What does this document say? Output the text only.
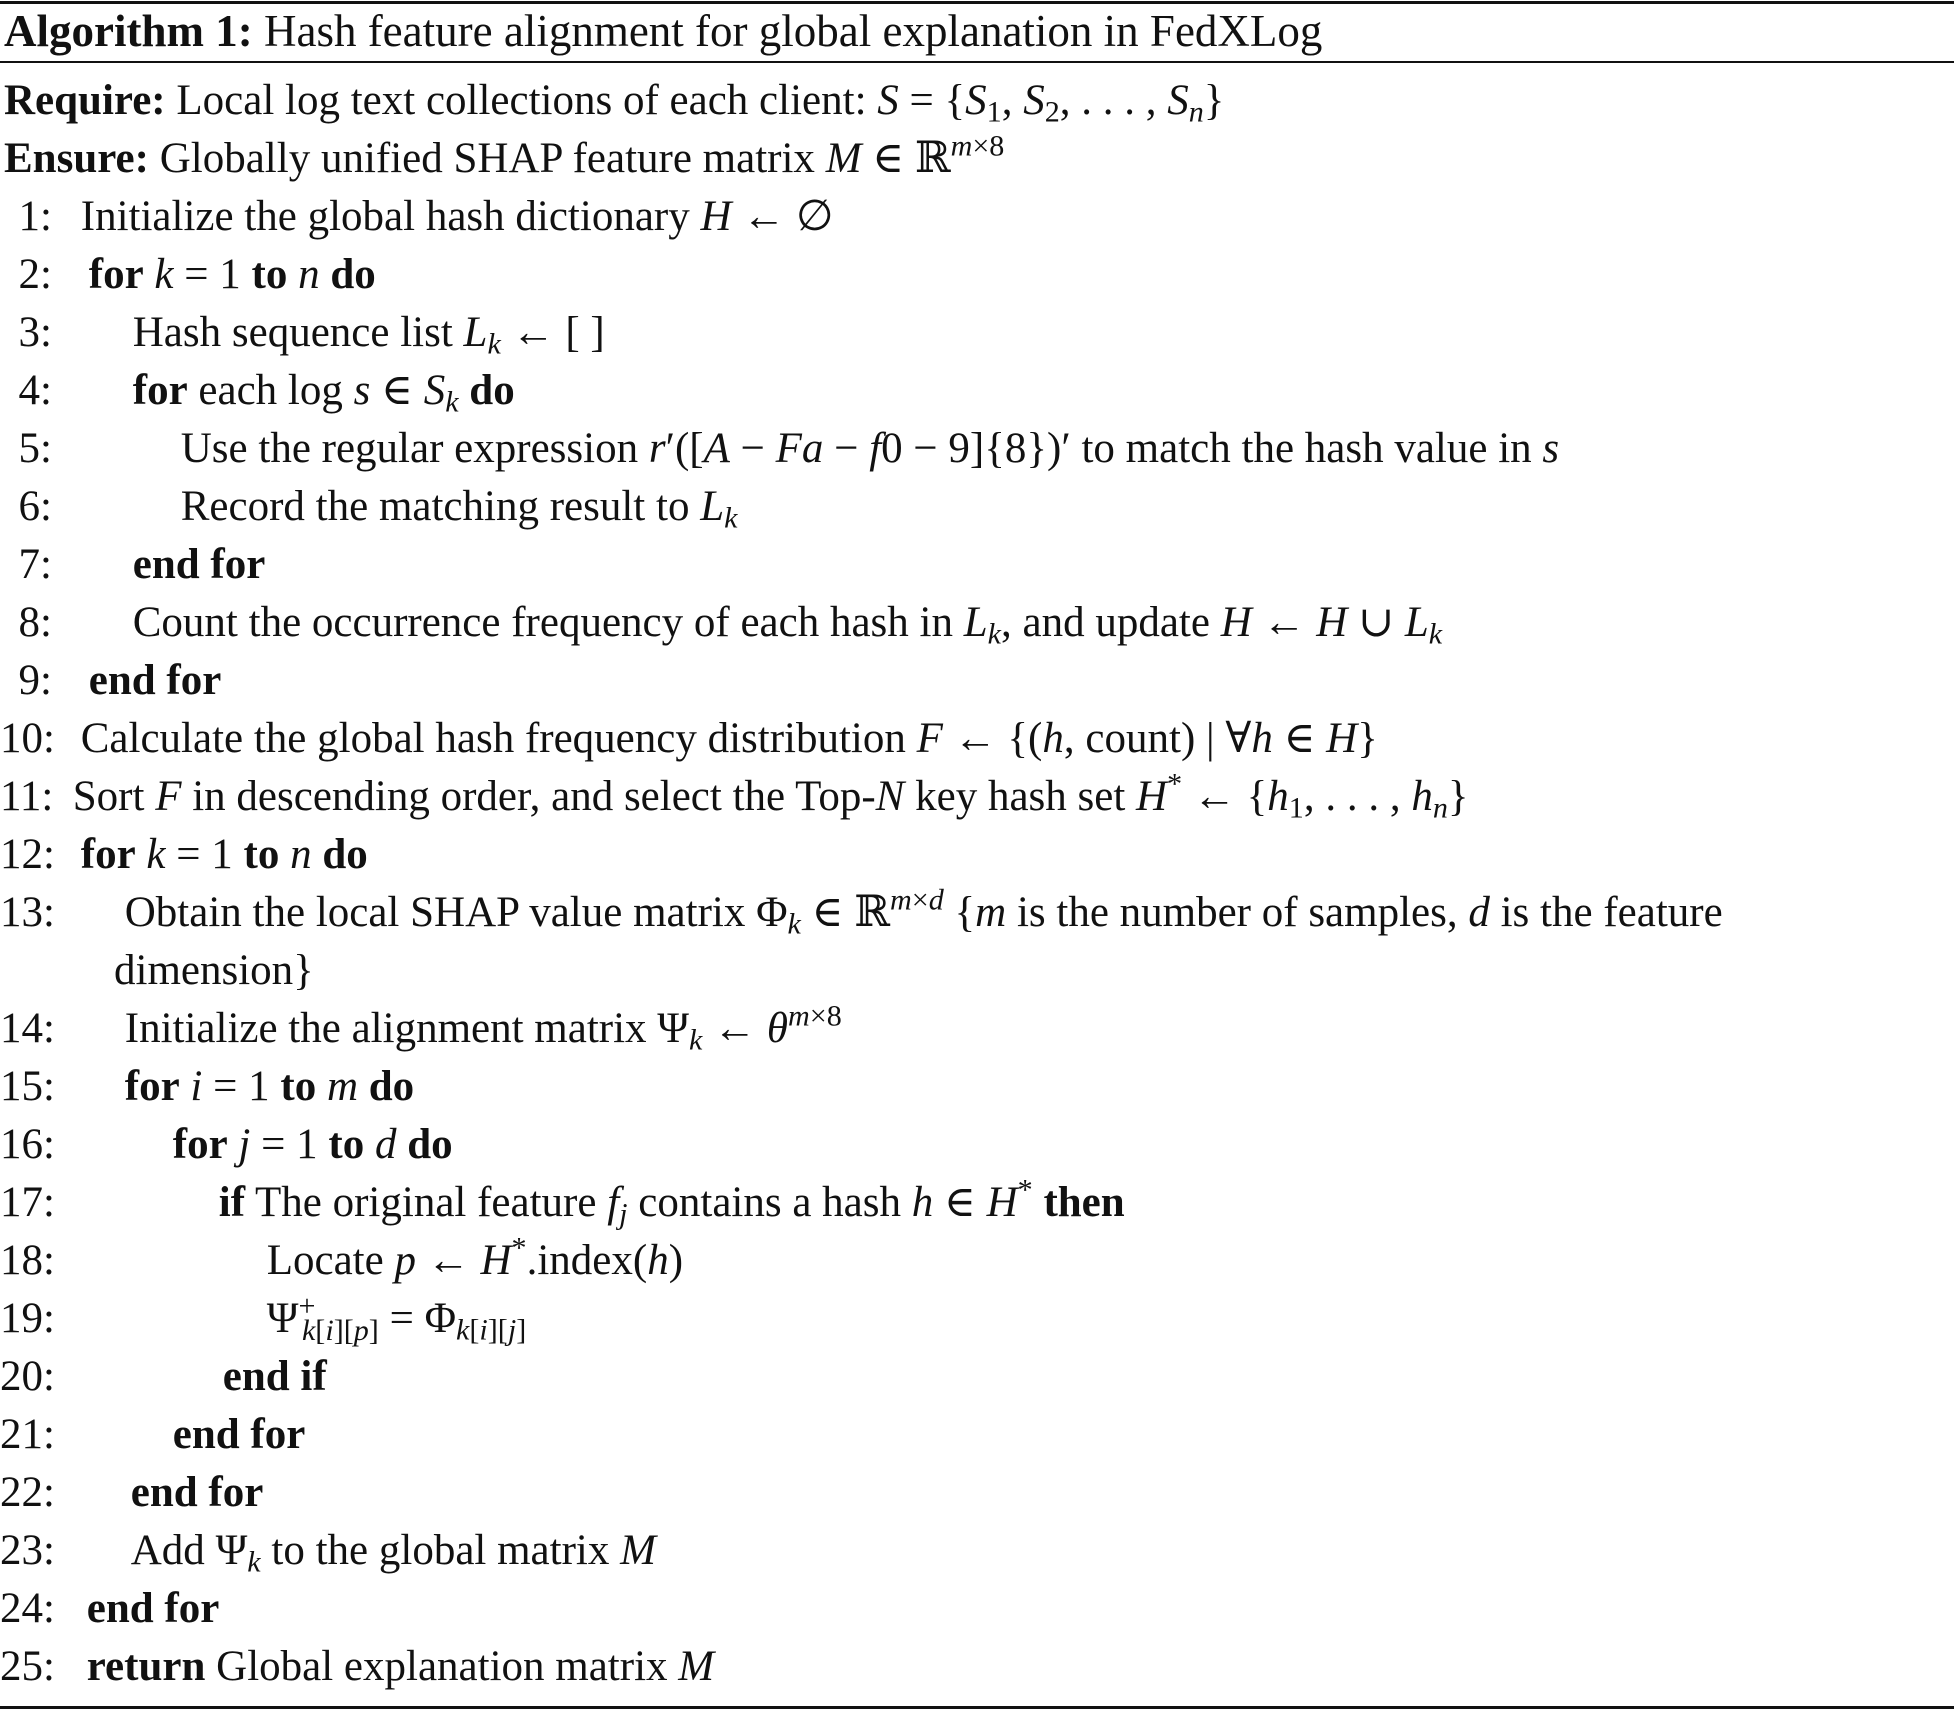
Algorithm 1: Hash feature alignment for global explanation in FedXLog
Require: Local log text collections of each client: $S = \{S_1$, $S_2$, . . . , $S_n$}
Ensure: Globally unified SHAP feature matrix M ∈ ℝ$^{m\times 8}$
1: Initialize the global hash dictionary H ← ∅
2: for k = 1 to n do
3: Hash sequence list $L_k$ ← [ ]
4: for each log s ∈ $S_k$ do
5:	Use the regular expression r′([A − Fa − f0 − 9]{8})′ to match the hash value in s
6:	Record the matching result to $L_k$
7: end for
8: Count the occurrence frequency of each hash in $L_k$, and update H ← H ∪ $L_k$
9: end for
10: Calculate the global hash frequency distribution F ← {(h, count) | ∀h ∈ H}
11: Sort F in descending order, and select the Top-N key hash set H* ← {$h_1$, . . . , $h_n$}
12: for k = 1 to n do
13: Obtain the local SHAP value matrix $\Phi_k$ ∈ ℝ$^{m\times d}$ {m is the number of samples, d is the feature
dimension}
14: Initialize the alignment matrix $\Psi_k$ ← $\theta^{m\times 8}$
15: for i = 1 to m do
16:	for j = 1 to d do
17:	if The original feature $f_j$ contains a hash h ∈ H* then
18:	Locate p ← H*.index(h)
19:	$\Psi^+_{k[i][p]} = \Phi_{k[i][j]}$
20:	end if
21:	end for
22: end for
23: Add $\Psi_k$ to the global matrix M
24: end for
25: return Global explanation matrix M
